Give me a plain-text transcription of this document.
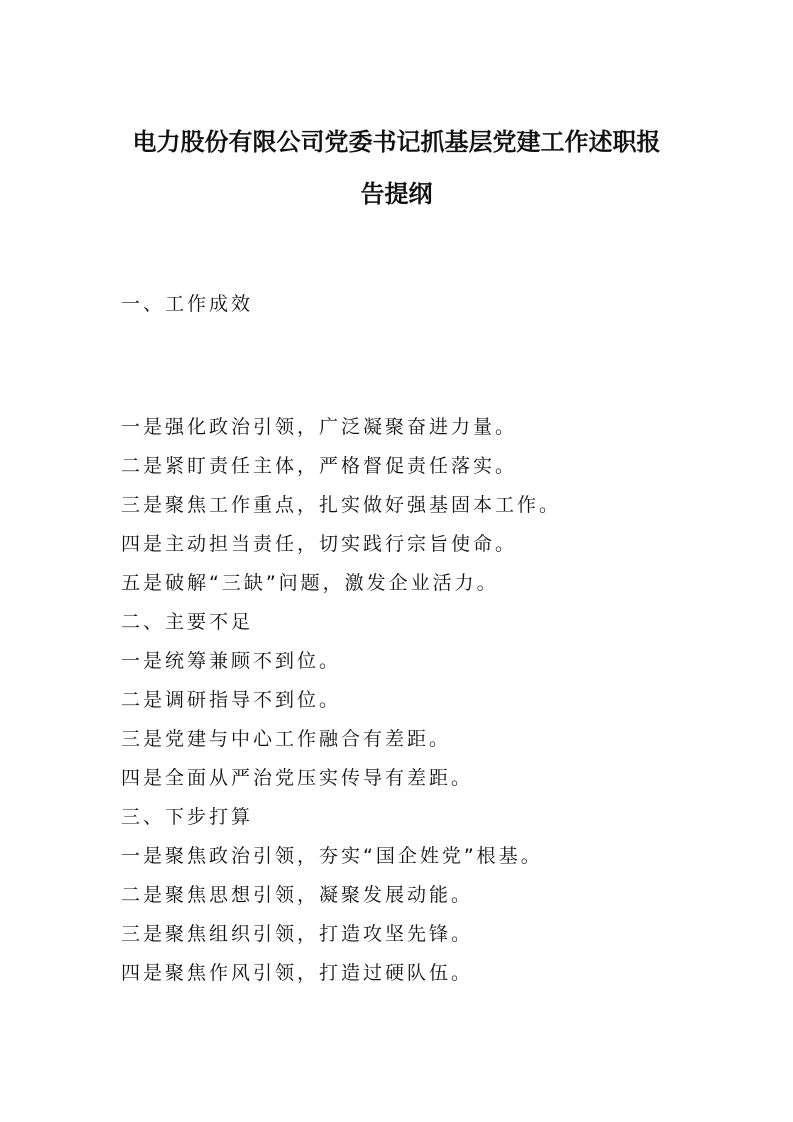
电力股份有限公司党委书记抓基层党建工作述职报
告提纲
一、工作成效

一是强化政治引领，广泛凝聚奋进力量。

二是紧盯责任主体，严格督促责任落实。

三是聚焦工作重点，扎实做好强基固本工作。

四是主动担当责任，切实践行宗旨使命。

五是破解“三缺”问题，激发企业活力。

二、主要不足

一是统筹兼顾不到位。

二是调研指导不到位。

三是党建与中心工作融合有差距。

四是全面从严治党压实传导有差距。

三、下步打算

一是聚焦政治引领，夯实“国企姓党”根基。

二是聚焦思想引领，凝聚发展动能。

三是聚焦组织引领，打造攻坚先锋。

四是聚焦作风引领，打造过硬队伍。
